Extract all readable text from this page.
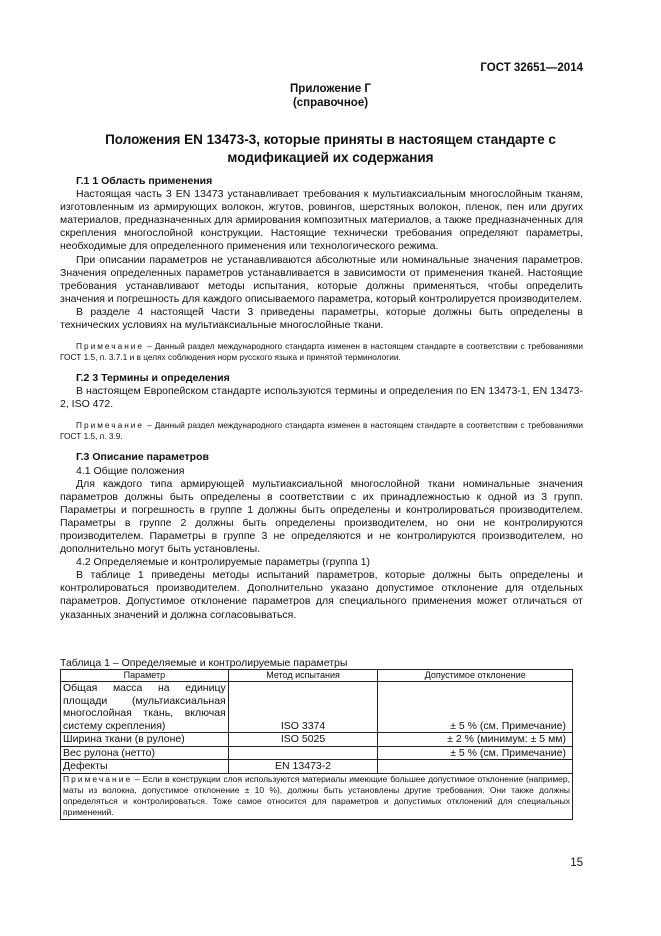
ГОСТ 32651—2014
Приложение Г
(справочное)
Положения EN 13473-3, которые приняты в настоящем стандарте с модификацией их содержания
Г.1 1 Область применения

Настоящая часть 3 EN 13473 устанавливает требования к мультиаксиальным многослойным тканям, изготовленным из армирующих волокон, жгутов, ровингов, шерстяных волокон, пленок, пен или других материалов, предназначенных для армирования композитных материалов, а также предназначенных для скрепления многослойной конструкции. Настоящие технически требования определяют параметры, необходимые для определенного применения или технологического режима.

При описании параметров не устанавливаются абсолютные или номинальные значения параметров. Значения определенных параметров устанавливается в зависимости от применения тканей. Настоящие требования устанавливают методы испытания, которые должны применяться, чтобы определить значения и погрешность для каждого описываемого параметра, который контролируется производителем.

В разделе 4 настоящей Части 3 приведены параметры, которые должны быть определены в технических условиях на мультиаксиальные многослойные ткани.

Примечание – Данный раздел международного стандарта изменен в настоящем стандарте в соответствии с требованиями ГОСТ 1.5, п. 3.7.1 и в целях соблюдения норм русского языка и принятой терминологии.

Г.2 3 Термины и определения

В настоящем Европейском стандарте используются термины и определения по EN 13473-1, EN 13473-2, ISO 472.

Примечание – Данный раздел международного стандарта изменен в настоящем стандарте в соответствии с требованиями ГОСТ 1.5, п. 3.9.

Г.3 Описание параметров

4.1 Общие положения

Для каждого типа армирующей мультиаксиальной многослойной ткани номинальные значения параметров должны быть определены в соответствии с их принадлежностью к одной из 3 групп. Параметры и погрешность в группе 1 должны быть определены и контролироваться производителем. Параметры в группе 2 должны быть определены производителем, но они не контролируются производителем. Параметры в группе 3 не определяются и не контролируются производителем, но дополнительно могут быть установлены.

4.2 Определяемые и контролируемые параметры (группа 1)

В таблице 1 приведены методы испытаний параметров, которые должны быть определены и контролироваться производителем. Дополнительно указано допустимое отклонение для отдельных параметров. Допустимое отклонение параметров для специального применения может отличаться от указанных значений и должна согласовываться.

Таблица 1 – Определяемые и контролируемые параметры
Параметр	Метод испытания	Допустимое отклонение
Общая масса на единицу площади (мультиаксиальная многослойная ткань, включая систему скрепления)	ISO 3374	± 5 % (см. Примечание)
Ширина ткани (в рулоне)	ISO 5025	± 2 % (минимум: ± 5 мм)
Вес рулона (нетто)		± 5 % (см. Примечание)
Дефекты	EN 13473-2	
Примечание – Если в конструкции слоя используются материалы имеющие большее допустимое отклонение (например, маты из волокна, допустимое отклонение ± 10 %), должны быть установлены другие требования. Они также должны определяться и контролироваться. Тоже самое относится для параметров и допустимых отклонений для специальных применений.		
15
